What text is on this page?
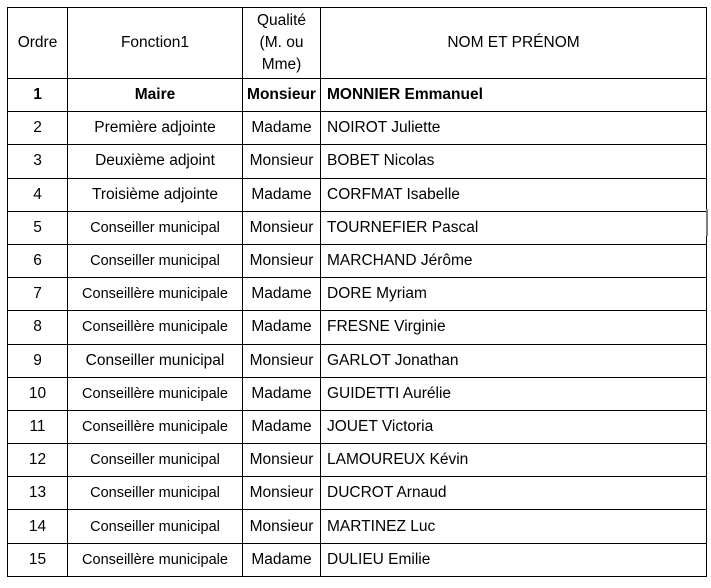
Ordre	Fonction1	Qualité (M. ou Mme)	NOM ET PRÉNOM
1	Maire	Monsieur	MONNIER Emmanuel
2	Première adjointe	Madame	NOIROT Juliette
3	Deuxième adjoint	Monsieur	BOBET Nicolas
4	Troisième adjointe	Madame	CORFMAT Isabelle
5	Conseiller municipal	Monsieur	TOURNEFIER Pascal
6	Conseiller municipal	Monsieur	MARCHAND Jérôme
7	Conseillère municipale	Madame	DORE Myriam
8	Conseillère municipale	Madame	FRESNE Virginie
9	Conseiller municipal	Monsieur	GARLOT Jonathan
10	Conseillère municipale	Madame	GUIDETTI Aurélie
11	Conseillère municipale	Madame	JOUET Victoria
12	Conseiller municipal	Monsieur	LAMOUREUX Kévin
13	Conseiller municipal	Monsieur	DUCROT Arnaud
14	Conseiller municipal	Monsieur	MARTINEZ Luc
15	Conseillère municipale	Madame	DULIEU Emilie
